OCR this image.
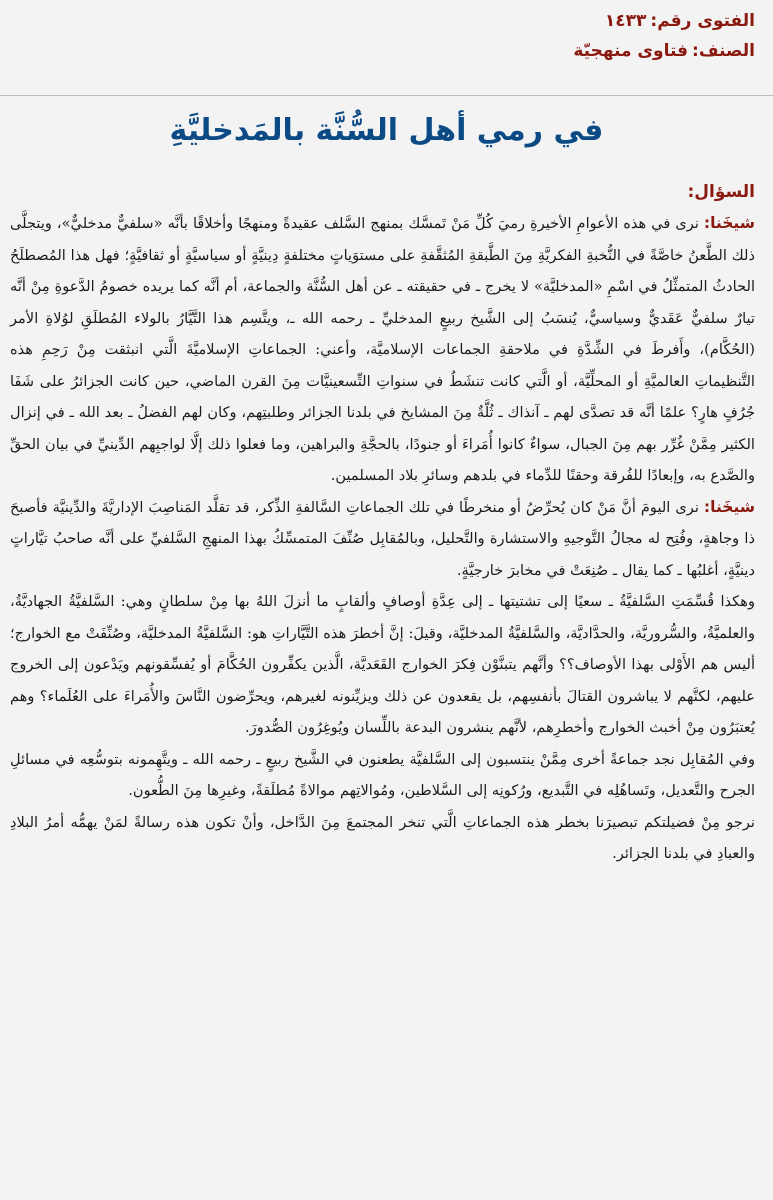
الفتوى رقم:١٤٣٣
الصنف:فتاوى منهجيّة
في رمي أهل السُّنَّة بالمَدخليَّةِ
السؤال:

شيخَنا: نرى في هذه الأعوامِ الأخيرةِ رميَ كُلِّ مَنْ تَمسَّك بمنهج السَّلف عقيدةً ومنهجًا وأخلاقًا بأنَّه «سلفيٌّ مدخليٌّ»، ويتجلَّى ذلك الطَّعنُ خاصَّةً في النُّخبةِ الفكريَّةِ مِنَ الطَّبقةِ المُثقَّفةِ على مستوَياتٍ مختلفةٍ دِينيَّةٍ أو سياسيَّةٍ أو ثقافيَّةٍ؛ فهل هذا المُصطلَحُ الحادثُ المتمثِّلُ في اسْمِ «المدخليَّة» لا يخرج ـ في حقيقته ـ عن أهل السُّنَّة والجماعة، أم أنَّه كما يريده خصومُ الدَّعوةِ مِنْ أنَّه تيارٌ سلفيٌّ عَقَديٌّ وسياسيٌّ، يُنسَبُ إلى الشَّيخ ربيعٍ المدخليِّ ـ رحمه الله ـ، ويتَّسِم هذا التَّيَّارُ بالولاء المُطلَقِ لوُلاةِ الأمر (الحُكَّام)، وأَفرطَ في الشِّدَّةِ في ملاحقةِ الجماعات الإسلاميَّة، وأعني: الجماعاتِ الإسلاميَّةَ الَّتي انبثقت مِنْ رَحِمِ هذه التَّنظيماتِ العالميَّةِ أو المحلِّيَّة، أو الَّتي كانت تنشَطُ في سنواتِ التِّسعينيَّات مِنَ القرن الماضي، حين كانت الجزائرُ على شَفَا جُرُفٍ هارٍ؟ علمًا أنَّه قد تصدَّى لهم ـ آنذاك ـ ثُلَّةٌ مِنَ المشايخ في بلدنا الجزائر وطلبتِهم، وكان لهم الفضلُ ـ بعد الله ـ في إنزال الكثير مِمَّنْ غُرِّر بهم مِنَ الجبال، سواءٌ كانوا أُمَراءَ أو جنودًا، بالحجَّةِ والبراهين، وما فعلوا ذلك إلَّا لواجبِهم الدِّينيِّ في بيان الحقِّ والصَّدع به، وإبعادًا للفُرقة وحقنًا للدِّماء في بلدهم وسائرِ بلاد المسلمين.

شيخَنا: نرى اليومَ أنَّ مَنْ كان يُحرِّضُ أو منخرطًا في تلك الجماعاتِ السَّالفةِ الذِّكر، قد تقلَّد المَناصِبَ الإداريَّةَ والدِّينيَّة فأصبحَ ذا وجاهةٍ، وفُتِح له مجالُ التَّوجيهِ والاستشارة والتَّحليل، وبالمُقابِل صُنِّفَ المتمسِّكُ بهذا المنهجِ السَّلفيِّ على أنَّه صاحبُ تيَّاراتٍ دينيَّةٍ، أغلبُها ـ كما يقال ـ صُنِعَتْ في مخابرَ خارجيَّةٍ.

وهكذا قُسِّمَتِ السَّلفيَّةُ ـ سعيًا إلى تشتيتها ـ إلى عِدَّةِ أوصافٍ وألقابٍ ما أنزلَ اللهُ بها مِنْ سلطانٍ وهي: السَّلفيَّةُ الجهاديَّةُ، والعلميَّةُ، والسُّروريَّة، والحدَّاديَّة، والسَّلفيَّةُ المدخليَّة، وقيلَ: إنَّ أخطرَ هذه التَّيَّاراتِ هو: السَّلفيَّةُ المدخليَّة، وصُنِّفَتْ مع الخوارج؛ أليس هم الأَوْلى بهذا الأوصاف؟؟ وأنَّهم يتبنَّوْن فِكرَ الخوارج القَعَديَّة، الَّذين يكفِّرون الحُكَّامَ أو يُفسِّقونهم ويَدْعون إلى الخروج عليهم، لكنَّهم لا يباشرون القتالَ بأنفسِهم، بل يقعدون عن ذلك ويزيِّنونه لغيرهم، ويحرِّضون النَّاسَ والأُمَراءَ على العُلَماء؟ وهم يُعتبَرُون مِنْ أخبث الخوارج وأخطرِهم، لأنَّهم ينشرون البدعة باللِّسان ويُوغِرُون الصُّدورَ.

وفي المُقابِل نجد جماعةً أخرى مِمَّنْ ينتسبون إلى السَّلفيَّة يطعنون في الشَّيخ ربيعٍ ـ رحمه الله ـ ويتَّهِمونه بتوسُّعِه في مسائلِ الجرح والتَّعديل، وتَساهُلِه في التَّبديع، ورُكونِه إلى السَّلاطين، ومُوالاتِهم موالاةً مُطلَقةً، وغيرِها مِنَ الطُّعون.

نرجو مِنْ فضيلتكم تبصيرَنا بخطر هذه الجماعاتِ الَّتي تنخر المجتمعَ مِنَ الدَّاخل، وأنْ تكون هذه رسالةً لمَنْ يهمُّه أمرُ البلادِ والعبادِ في بلدنا الجزائر.
